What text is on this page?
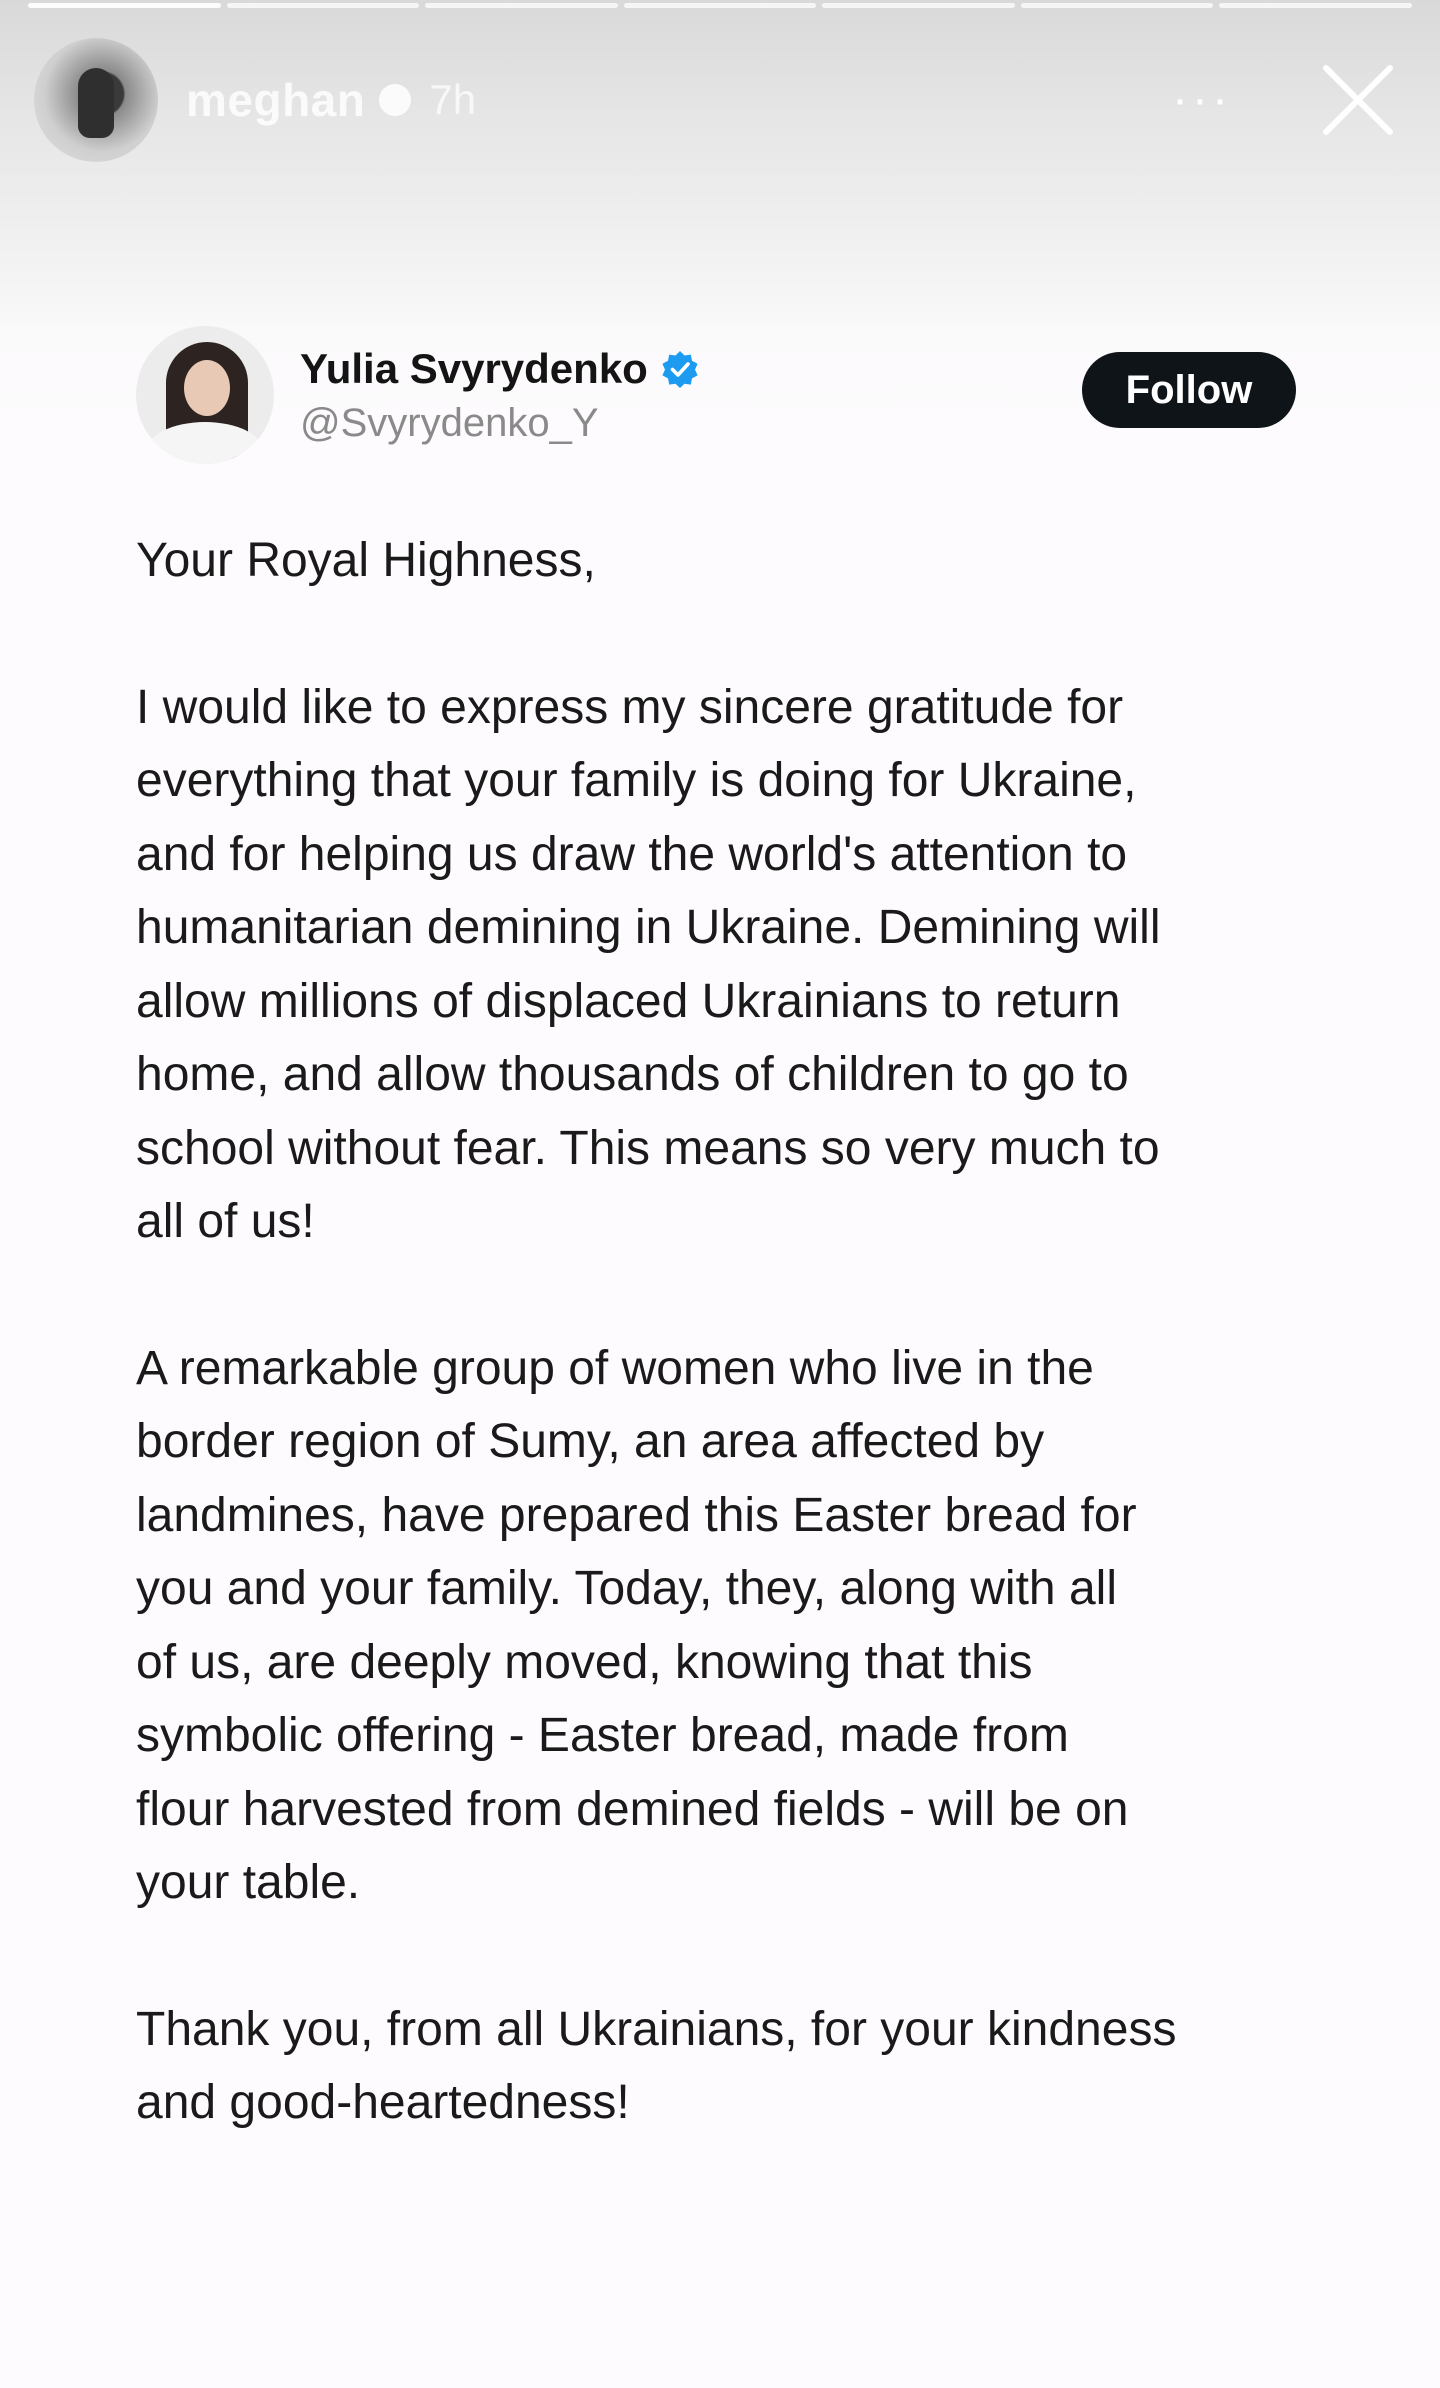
meghan 7h	···
Yulia Svyrydenko
@Svyrydenko_Y
Follow

Your Royal Highness,

I would like to express my sincere gratitude for
everything that your family is doing for Ukraine,
and for helping us draw the world's attention to
humanitarian demining in Ukraine. Demining will
allow millions of displaced Ukrainians to return
home, and allow thousands of children to go to
school without fear. This means so very much to
all of us!

A remarkable group of women who live in the
border region of Sumy, an area affected by
landmines, have prepared this Easter bread for
you and your family. Today, they, along with all
of us, are deeply moved, knowing that this
symbolic offering - Easter bread, made from
flour harvested from demined fields - will be on
your table.

Thank you, from all Ukrainians, for your kindness
and good-heartedness!
